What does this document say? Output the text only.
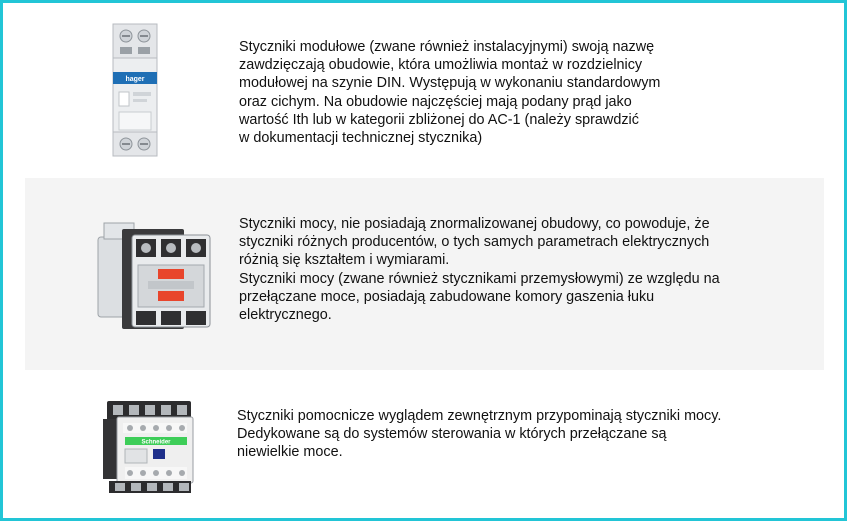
hager

Styczniki modułowe (zwane również instalacyjnymi) swoją nazwę
zawdzięczają obudowie, która umożliwia montaż w rozdzielnicy
modułowej na szynie DIN. Występują w wykonaniu standardowym
oraz cichym. Na obudowie najczęściej mają podany prąd jako
wartość Ith lub w kategorii zbliżonej do AC-1 (należy sprawdzić
w dokumentacji technicznej stycznika)

Styczniki mocy, nie posiadają znormalizowanej obudowy, co powoduje, że
styczniki różnych producentów, o tych samych parametrach elektrycznych
różnią się kształtem i wymiarami.
Styczniki mocy (zwane również stycznikami przemysłowymi) ze względu na
przełączane moce, posiadają zabudowane komory gaszenia łuku
elektrycznego.

Schneider

Styczniki pomocnicze wyglądem zewnętrznym przypominają styczniki mocy.
Dedykowane są do systemów sterowania w których przełączane są
niewielkie moce.
